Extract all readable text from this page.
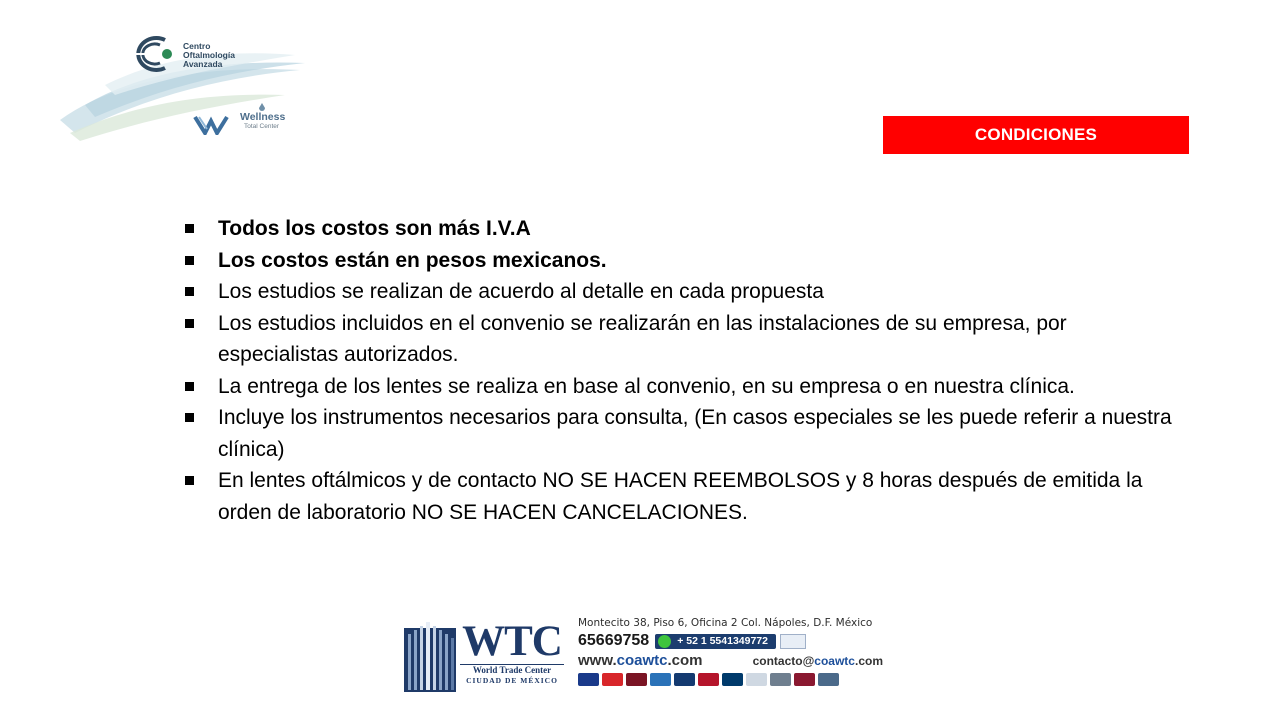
Centro
Oftalmología
Avanzada
Wellness
Total Center	CONDICIONES
Todos los costos son más I.V.A
Los costos están en pesos mexicanos.
Los estudios se realizan de acuerdo al detalle en cada propuesta
Los estudios incluidos en el convenio se realizarán en las instalaciones de su empresa, por especialistas autorizados.
La entrega de los lentes se realiza en base al convenio, en su empresa o en nuestra clínica.
Incluye los instrumentos necesarios para consulta, (En casos especiales se les puede referir a nuestra clínica)
En lentes oftálmicos y de contacto NO SE HACEN REEMBOLSOS y 8 horas después de emitida la orden de laboratorio NO SE HACEN CANCELACIONES.
WTC
World Trade Center
CIUDAD DE MÉXICO
Montecito 38, Piso 6, Oficina 2 Col. Nápoles, D.F. México
65669758	+ 52 1 5541349772
www.coawtc.com	contacto@coawtc.com
